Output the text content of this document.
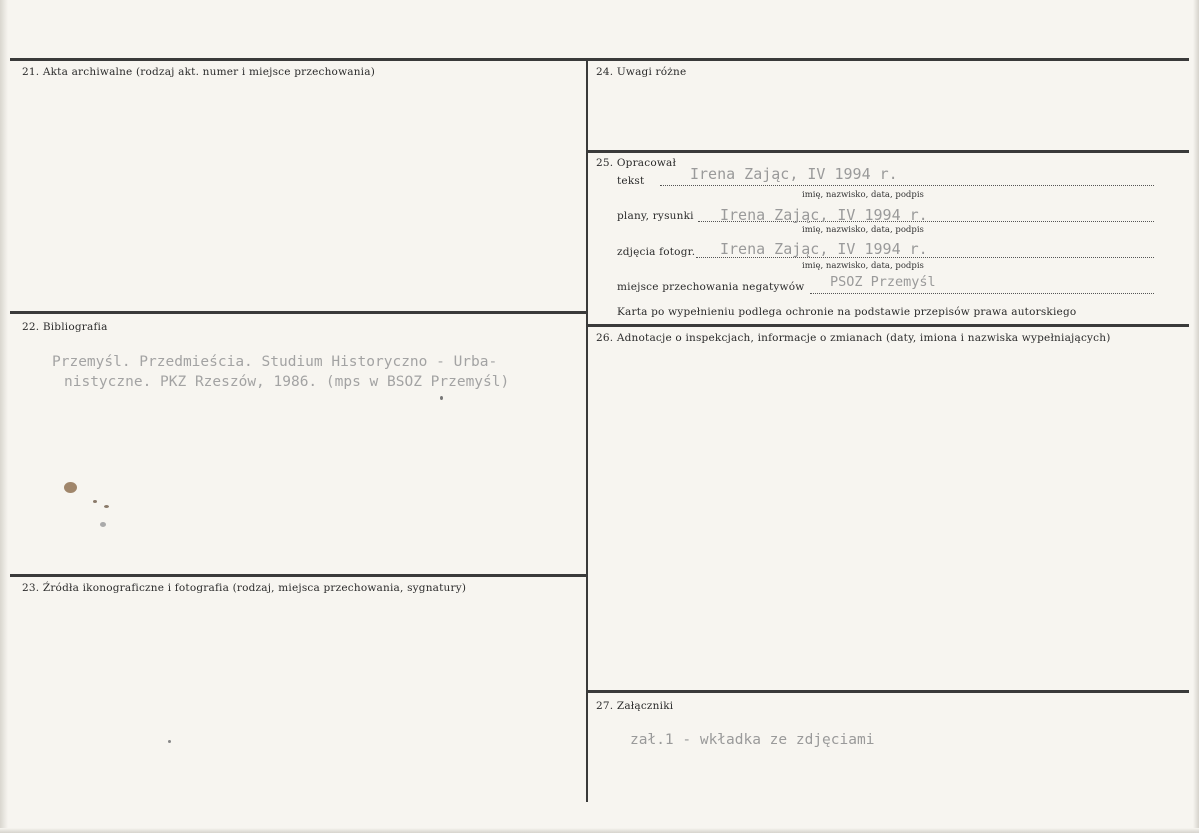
21. Akta archiwalne (rodzaj akt. numer i miejsce przechowania)
22. Bibliografia
23. Źródła ikonograficzne i fotografia (rodzaj, miejsca przechowania, sygnatury)
24. Uwagi różne
25. Opracował
26. Adnotacje o inspekcjach, informacje o zmianach (daty, imiona i nazwiska wypełniających)
27. Załączniki
tekst	Irena Zając, IV 1994 r.
imię, nazwisko, data, podpis
plany, rysunki Irena Zając, IV 1994 r.
imię, nazwisko, data, podpis
zdjęcia fotogr. Irena Zając, IV 1994 r.
imię, nazwisko, data, podpis
miejsce przechowania negatywów PSOZ Przemyśl
Karta po wypełnieniu podlega ochronie na podstawie przepisów prawa autorskiego
Przemyśl. Przedmieścia. Studium Historyczno - Urba-
nistyczne. PKZ Rzeszów, 1986. (mps w BSOZ Przemyśl)
zał.1 - wkładka ze zdjęciami
